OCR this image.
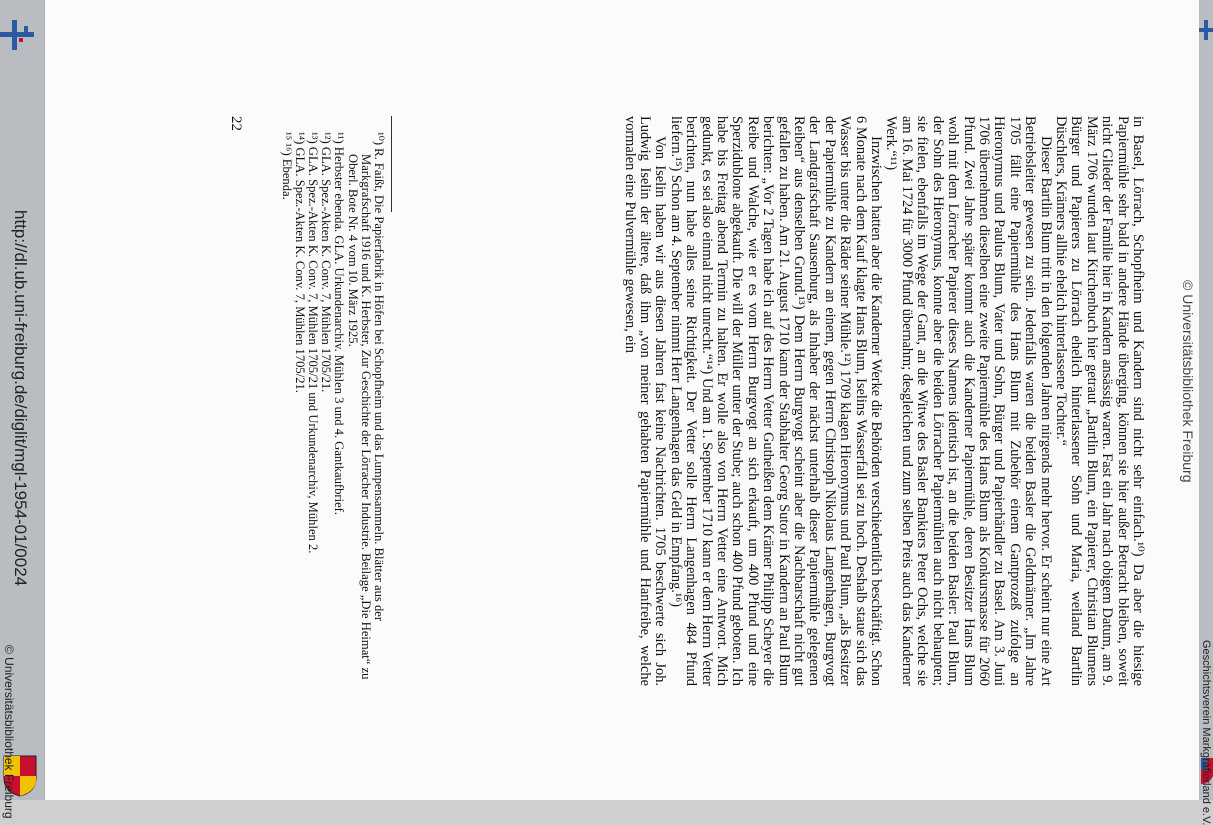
http://dl.ub.uni-freiburg.de/diglit/mgl-1954-01/0024
© Universitätsbibliothek Freiburg	Geschichtsverein Markgräflerland e.V.

in Basel, Lörrach, Schopfheim und Kandern sind nicht sehr einfach.¹⁰) Da aber die hiesige Papiermühle sehr bald in andere Hände überging, können sie hier außer Betracht bleiben, soweit nicht Glieder der Familie hier in Kandern ansässig waren. Fast ein Jahr nach obigem Datum, am 9. März 1706 wurden laut Kirchenbuch hier getraut „Bartlin Blum, ein Papierer, Christian Blumens Bürger und Papierers zu Lörrach ehelich hinterlassener Sohn und Maria, weiland Bartlin Düschlers, Krämers allhie ehelich hinterlassene Tochter.“

Dieser Bartlin Blum tritt in den folgenden Jahren nirgends mehr hervor. Er scheint nur eine Art Betriebsleiter gewesen zu sein. Jedenfalls waren die beiden Basler die Geldmänner. „Im Jahre 1705 fällt eine Papiermühle des Hans Blum mit Zubehör einem Gantprozeß zufolge an Hieronymus und Paulus Blum, Vater und Sohn, Bürger und Papierhändler zu Basel. Am 3. Juni 1706 übernehmen dieselben eine zweite Papiermühle des Hans Blum als Konkursmasse für 2060 Pfund. Zwei Jahre später kommt auch die Kanderner Papiermühle, deren Besitzer Hans Blum wohl mit dem Lörracher Papierer dieses Namens identisch ist, an die beiden Basler: Paul Blum, der Sohn des Hieronymus, konnte aber die beiden Lörracher Papiermühlen auch nicht behaupten; sie fielen, ebenfalls im Wege der Gant, an die Witwe des Basler Bankiers Peter Ochs, welche sie am 16. Mai 1724 für 3000 Pfund übernahm; desgleichen und zum selben Preis auch das Kanderner Werk.“¹¹)

Inzwischen hatten aber die Kanderner Werke die Behörden verschiedentlich beschäftigt. Schon 6 Monate nach dem Kauf klagte Hans Blum, Iselins Wasserfall sei zu hoch. Deshalb staue sich das Wasser bis unter die Räder seiner Mühle.¹²) 1709 klagen Hieronymus und Paul Blum, „als Besitzer der Papiermühle zu Kandern an einem, gegen Herrn Christoph Nikolaus Langenhagen, Burgvogt der Landgrafschaft Sausenburg, als Inhaber der nächst unterhalb dieser Papiermühle gelegenen Reiben“ aus denselben Grund.¹³) Dem Herrn Burgvogt scheint aber die Nachbarschaft nicht gut gefallen zu haben. Am 21. August 1710 kann der Stabhalter Georg Sutor in Kandern an Paul Blum berichten: „Vor 2 Tagen habe ich auf des Herrn Vetter Gutheißen dem Krämer Philipp Scheyer die Reibe und Walche, wie er es vom Herrn Burgvogt an sich erkauft, um 400 Pfund und eine Sperzidublone abgekauft. Die will der Müller unter der Stube; auch schon 400 Pfund geboten. Ich habe bis Freitag abend Termin zu halten. Er wolle also von Herrn Vetter eine Antwort. Mich gedunkt, es sei also einmal nicht unrecht.“¹⁴) Und am 1. September 1710 kann er dem Herrn Vetter berichten, nun habe alles seine Richtigkeit. Der Vetter solle Herrn Langenhagen 484 Pfund liefern.¹⁵) Schon am 4. September nimmt Herr Langenhagen das Geld in Empfang.¹⁶)

Von Iselin haben wir aus diesen Jahren fast keine Nachrichten. 1705 beschwerte sich Joh. Ludwig Iselin der ältere, daß ihm „von meiner gehabten Papiermühle und Hanfreibe, welche vormalen eine Pulvermühle gewesen, ein

¹⁰) R. Faißt, Die Papierfabrik in Höfen bei Schopfheim und das Lumpensammeln. Blätter aus der Markgrafschaft 1916 und K. Herbster, Zur Geschichte der Lörracher Industrie. Beilage „Die Heimat“ zu Oberl. Bote Nr. 4 vom 10. März 1925.

¹¹) Herbster ebenda. GLA. Urkundenarchiv. Mühlen 3 und 4. Gantkaufbrief.

¹²) GLA. Spez.-Akten K. Conv. 7, Mühlen 1705/21.

¹³) GLA. Spez.-Akten K. Conv. 7, Mühlen 1705/21 und Urkundenarchiv, Mühlen 2.

¹⁴) GLA. Spez.-Akten K. Conv. 7, Mühlen 1705/21.

¹⁵ ¹⁶) Ebenda.

22
© Universitätsbibliothek Freiburg
